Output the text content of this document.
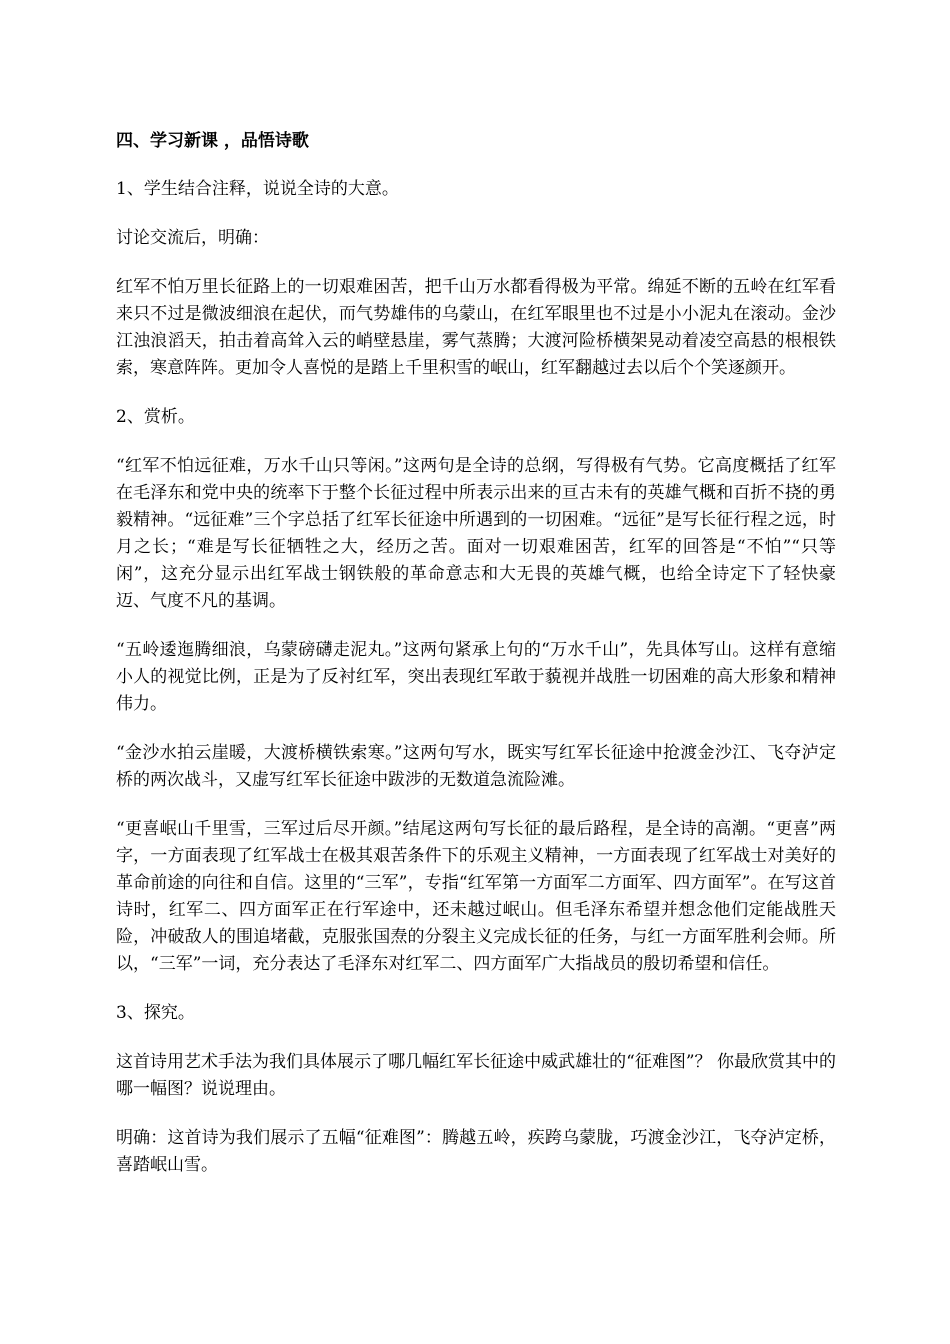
四、学习新课 ，品悟诗歌
1、学生结合注释，说说全诗的大意。
讨论交流后，明确：
红军不怕万里长征路上的一切艰难困苦，把千山万水都看得极为平常。绵延不断的五岭在红军看来只不过是微波细浪在起伏，而气势雄伟的乌蒙山，在红军眼里也不过是小小泥丸在滚动。金沙江浊浪滔天，拍击着高耸入云的峭壁悬崖，雾气蒸腾；大渡河险桥横架晃动着凌空高悬的根根铁索，寒意阵阵。更加令人喜悦的是踏上千里积雪的岷山，红军翻越过去以后个个笑逐颜开。
2、赏析。
“红军不怕远征难，万水千山只等闲。”这两句是全诗的总纲，写得极有气势。它高度概括了红军在毛泽东和党中央的统率下于整个长征过程中所表示出来的亘古未有的英雄气概和百折不挠的勇毅精神。“远征难”三个字总括了红军长征途中所遇到的一切困难。“远征”是写长征行程之远，时月之长；“难是写长征牺牲之大，经历之苦。面对一切艰难困苦，红军的回答是“不怕”“只等闲”，这充分显示出红军战士钢铁般的革命意志和大无畏的英雄气概，也给全诗定下了轻快豪迈、气度不凡的基调。
“五岭逶迤腾细浪，乌蒙磅礴走泥丸。”这两句紧承上句的“万水千山”，先具体写山。这样有意缩小人的视觉比例，正是为了反衬红军，突出表现红军敢于藐视并战胜一切困难的高大形象和精神伟力。
“金沙水拍云崖暖，大渡桥横铁索寒。”这两句写水，既实写红军长征途中抢渡金沙江、飞夺泸定桥的两次战斗，又虚写红军长征途中跋涉的无数道急流险滩。
“更喜岷山千里雪，三军过后尽开颜。”结尾这两句写长征的最后路程，是全诗的高潮。“更喜”两字，一方面表现了红军战士在极其艰苦条件下的乐观主义精神，一方面表现了红军战士对美好的革命前途的向往和自信。这里的“三军”，专指“红军第一方面军二方面军、四方面军”。在写这首诗时，红军二、四方面军正在行军途中，还未越过岷山。但毛泽东希望并想念他们定能战胜天险，冲破敌人的围追堵截，克服张国焘的分裂主义完成长征的任务，与红一方面军胜利会师。所以，“三军”一词，充分表达了毛泽东对红军二、四方面军广大指战员的殷切希望和信任。
3、探究。
这首诗用艺术手法为我们具体展示了哪几幅红军长征途中威武雄壮的“征难图”？ 你最欣赏其中的哪一幅图？说说理由。
明确：这首诗为我们展示了五幅“征难图”：腾越五岭，疾跨乌蒙胧，巧渡金沙江，飞夺泸定桥，喜踏岷山雪。
